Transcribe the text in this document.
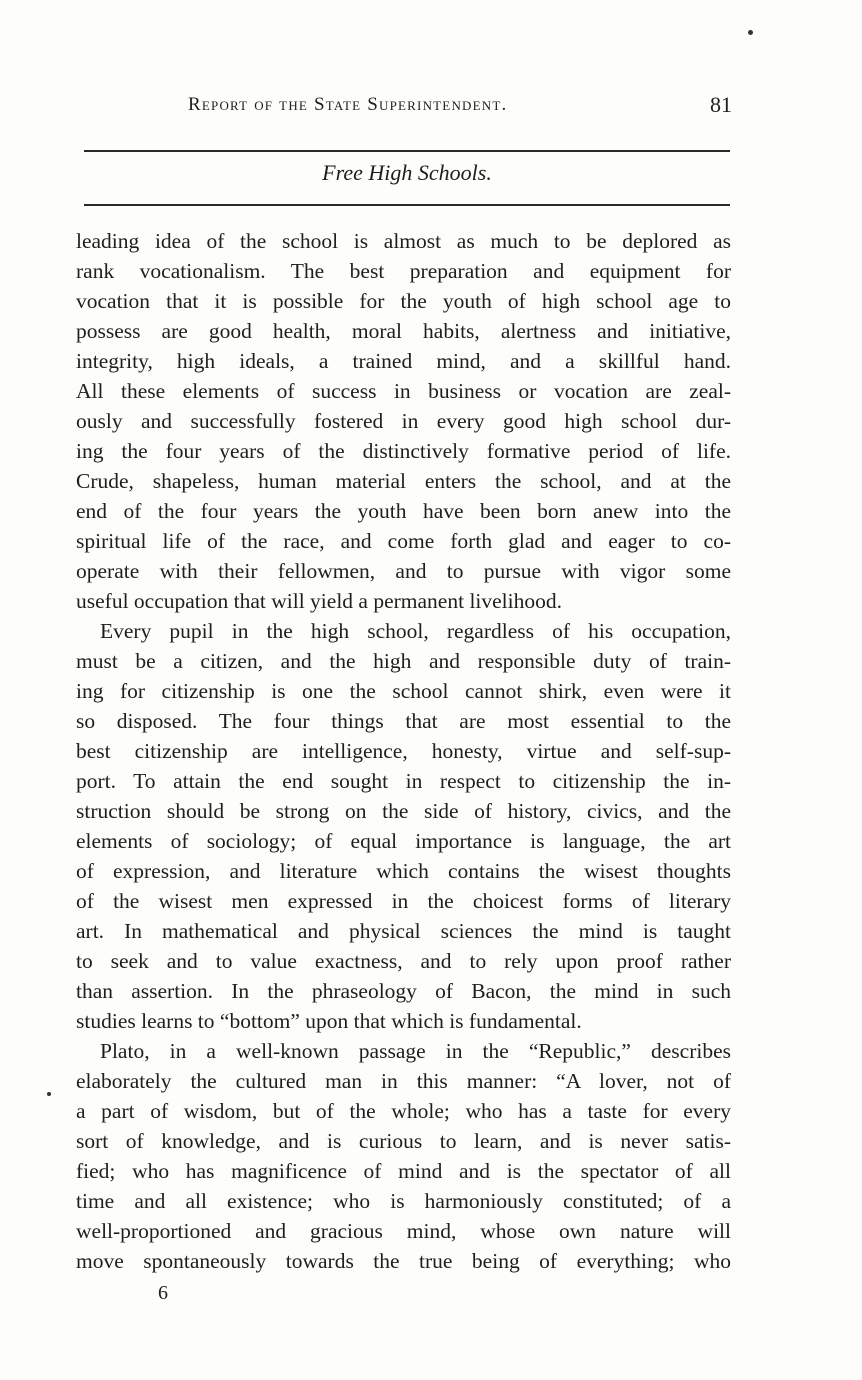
Report of the State Superintendent.	81
Free High Schools.
leading idea of the school is almost as much to be deplored as
rank vocationalism. The best preparation and equipment for
vocation that it is possible for the youth of high school age to
possess are good health, moral habits, alertness and initiative,
integrity, high ideals, a trained mind, and a skillful hand.
All these elements of success in business or vocation are zeal-
ously and successfully fostered in every good high school dur-
ing the four years of the distinctively formative period of life.
Crude, shapeless, human material enters the school, and at the
end of the four years the youth have been born anew into the
spiritual life of the race, and come forth glad and eager to co-
operate with their fellowmen, and to pursue with vigor some
useful occupation that will yield a permanent livelihood.
Every pupil in the high school, regardless of his occupation,
must be a citizen, and the high and responsible duty of train-
ing for citizenship is one the school cannot shirk, even were it
so disposed. The four things that are most essential to the
best citizenship are intelligence, honesty, virtue and self-sup-
port. To attain the end sought in respect to citizenship the in-
struction should be strong on the side of history, civics, and the
elements of sociology; of equal importance is language, the art
of expression, and literature which contains the wisest thoughts
of the wisest men expressed in the choicest forms of literary
art. In mathematical and physical sciences the mind is taught
to seek and to value exactness, and to rely upon proof rather
than assertion. In the phraseology of Bacon, the mind in such
studies learns to “bottom” upon that which is fundamental.
Plato, in a well-known passage in the “Republic,” describes
elaborately the cultured man in this manner: “A lover, not of
a part of wisdom, but of the whole; who has a taste for every
sort of knowledge, and is curious to learn, and is never satis-
fied; who has magnificence of mind and is the spectator of all
time and all existence; who is harmoniously constituted; of a
well-proportioned and gracious mind, whose own nature will
move spontaneously towards the true being of everything; who
6
